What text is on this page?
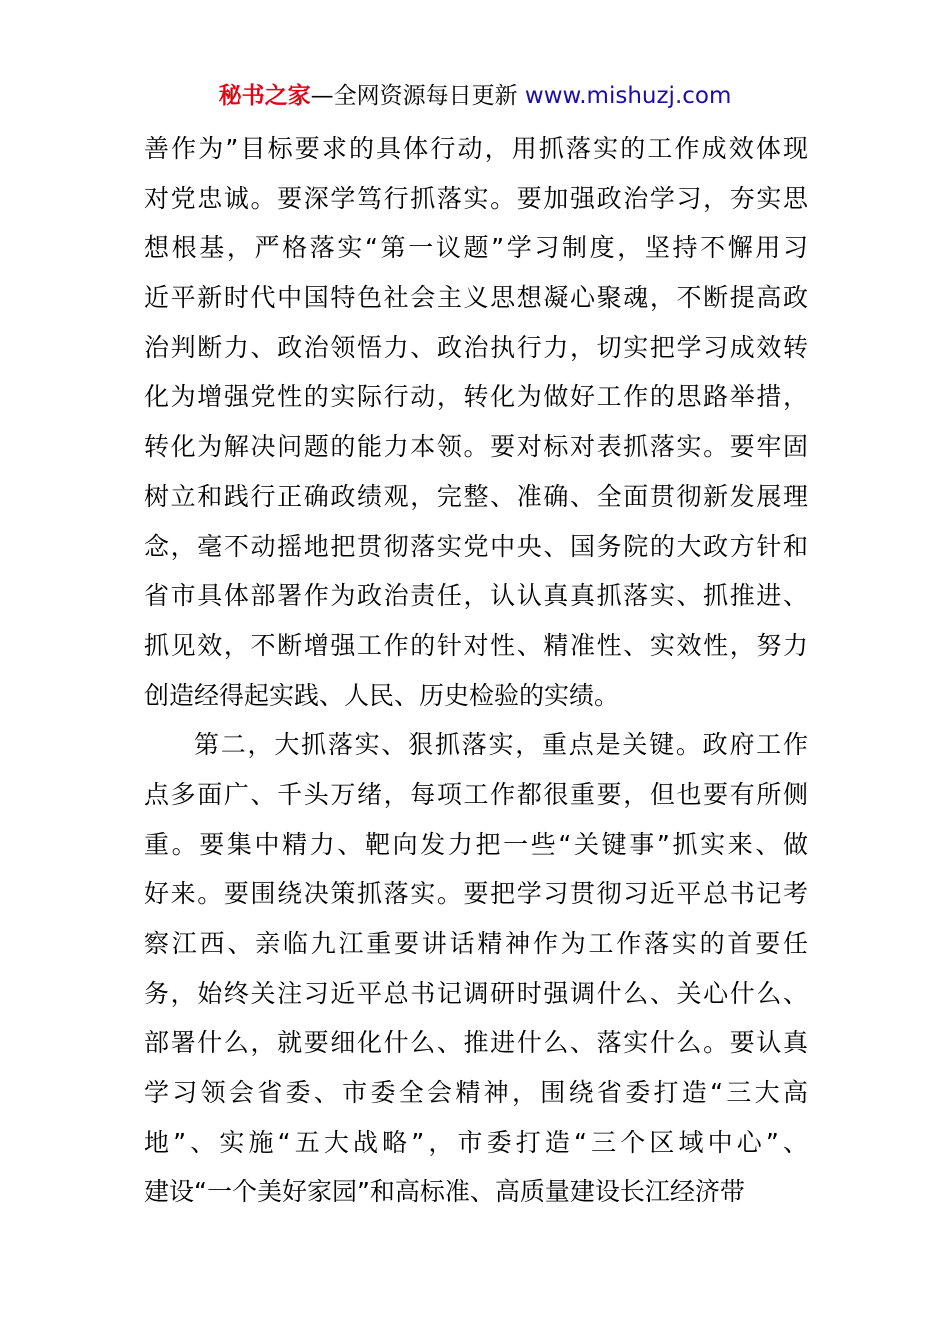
秘书之家—全网资源每日更新 www.mishuzj.com
善作为”目标要求的具体行动，用抓落实的工作成效体现
对党忠诚。要深学笃行抓落实。要加强政治学习，夯实思
想根基，严格落实“第一议题”学习制度，坚持不懈用习
近平新时代中国特色社会主义思想凝心聚魂，不断提高政
治判断力、政治领悟力、政治执行力，切实把学习成效转
化为增强党性的实际行动，转化为做好工作的思路举措，
转化为解决问题的能力本领。要对标对表抓落实。要牢固
树立和践行正确政绩观，完整、准确、全面贯彻新发展理
念，毫不动摇地把贯彻落实党中央、国务院的大政方针和
省市具体部署作为政治责任，认认真真抓落实、抓推进、
抓见效，不断增强工作的针对性、精准性、实效性，努力
创造经得起实践、人民、历史检验的实绩。
第二，大抓落实、狠抓落实，重点是关键。政府工作
点多面广、千头万绪，每项工作都很重要，但也要有所侧
重。要集中精力、靶向发力把一些“关键事”抓实来、做
好来。要围绕决策抓落实。要把学习贯彻习近平总书记考
察江西、亲临九江重要讲话精神作为工作落实的首要任
务，始终关注习近平总书记调研时强调什么、关心什么、
部署什么，就要细化什么、推进什么、落实什么。要认真
学习领会省委、市委全会精神，围绕省委打造“三大高
地”、实施“五大战略”，市委打造“三个区域中心”、
建设“一个美好家园”和高标准、高质量建设长江经济带
